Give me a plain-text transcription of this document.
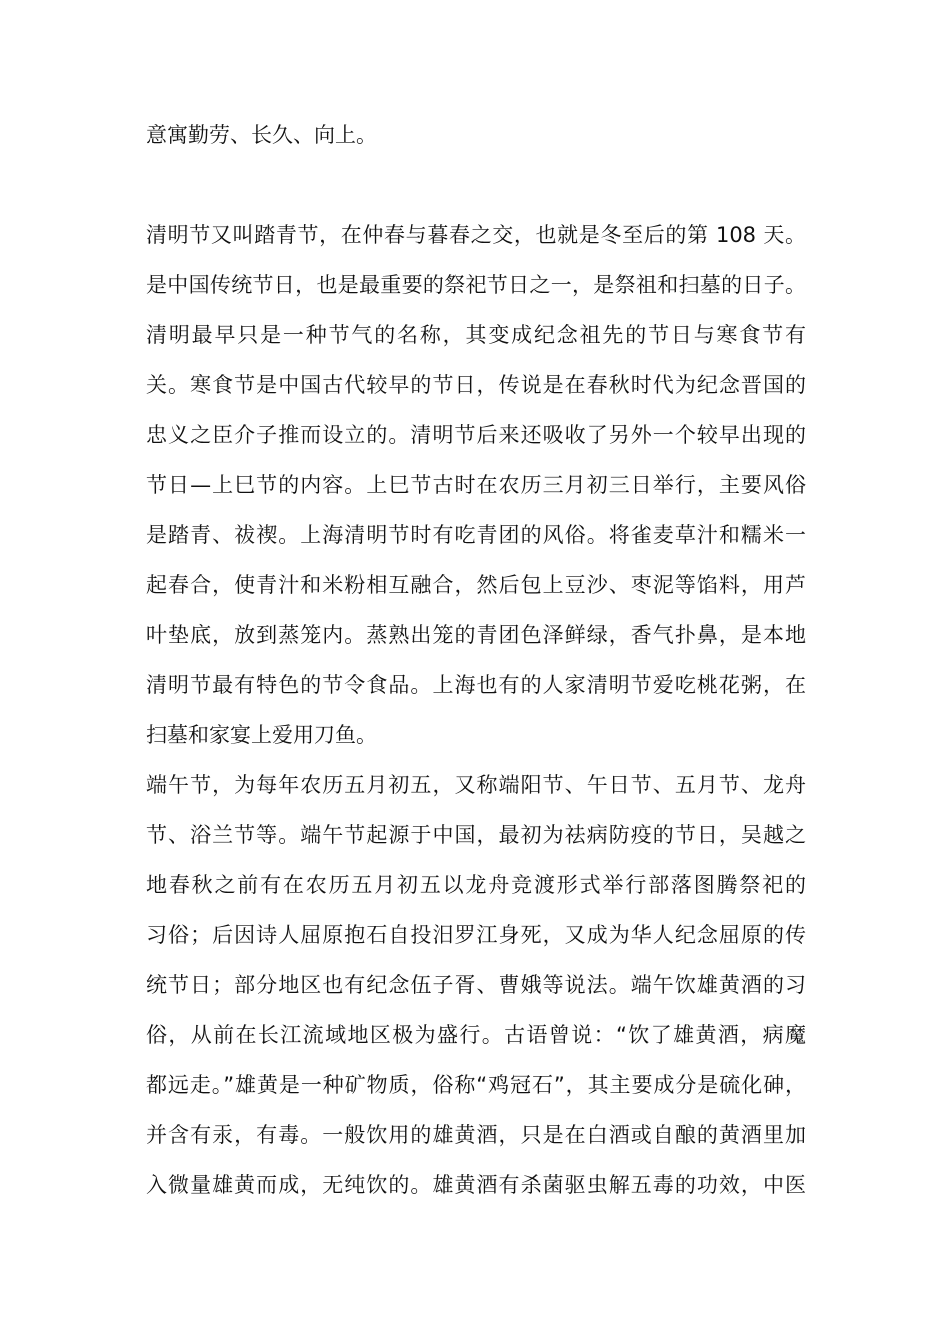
意寓勤劳、长久、向上。
清明节又叫踏青节，在仲春与暮春之交，也就是冬至后的第 108 天。
是中国传统节日，也是最重要的祭祀节日之一，是祭祖和扫墓的日子。
清明最早只是一种节气的名称，其变成纪念祖先的节日与寒食节有
关。寒食节是中国古代较早的节日，传说是在春秋时代为纪念晋国的
忠义之臣介子推而设立的。清明节后来还吸收了另外一个较早出现的
节日—上巳节的内容。上巳节古时在农历三月初三日举行，主要风俗
是踏青、祓禊。上海清明节时有吃青团的风俗。将雀麦草汁和糯米一
起春合，使青汁和米粉相互融合，然后包上豆沙、枣泥等馅料，用芦
叶垫底，放到蒸笼内。蒸熟出笼的青团色泽鲜绿，香气扑鼻，是本地
清明节最有特色的节令食品。上海也有的人家清明节爱吃桃花粥，在
扫墓和家宴上爱用刀鱼。
端午节，为每年农历五月初五，又称端阳节、午日节、五月节、龙舟
节、浴兰节等。端午节起源于中国，最初为祛病防疫的节日，吴越之
地春秋之前有在农历五月初五以龙舟竞渡形式举行部落图腾祭祀的
习俗；后因诗人屈原抱石自投汨罗江身死，又成为华人纪念屈原的传
统节日；部分地区也有纪念伍子胥、曹娥等说法。端午饮雄黄酒的习
俗，从前在长江流域地区极为盛行。古语曾说：“饮了雄黄酒，病魔
都远走。”雄黄是一种矿物质，俗称“鸡冠石”，其主要成分是硫化砷，
并含有汞，有毒。一般饮用的雄黄酒，只是在白酒或自酿的黄酒里加
入微量雄黄而成，无纯饮的。雄黄酒有杀菌驱虫解五毒的功效，中医
